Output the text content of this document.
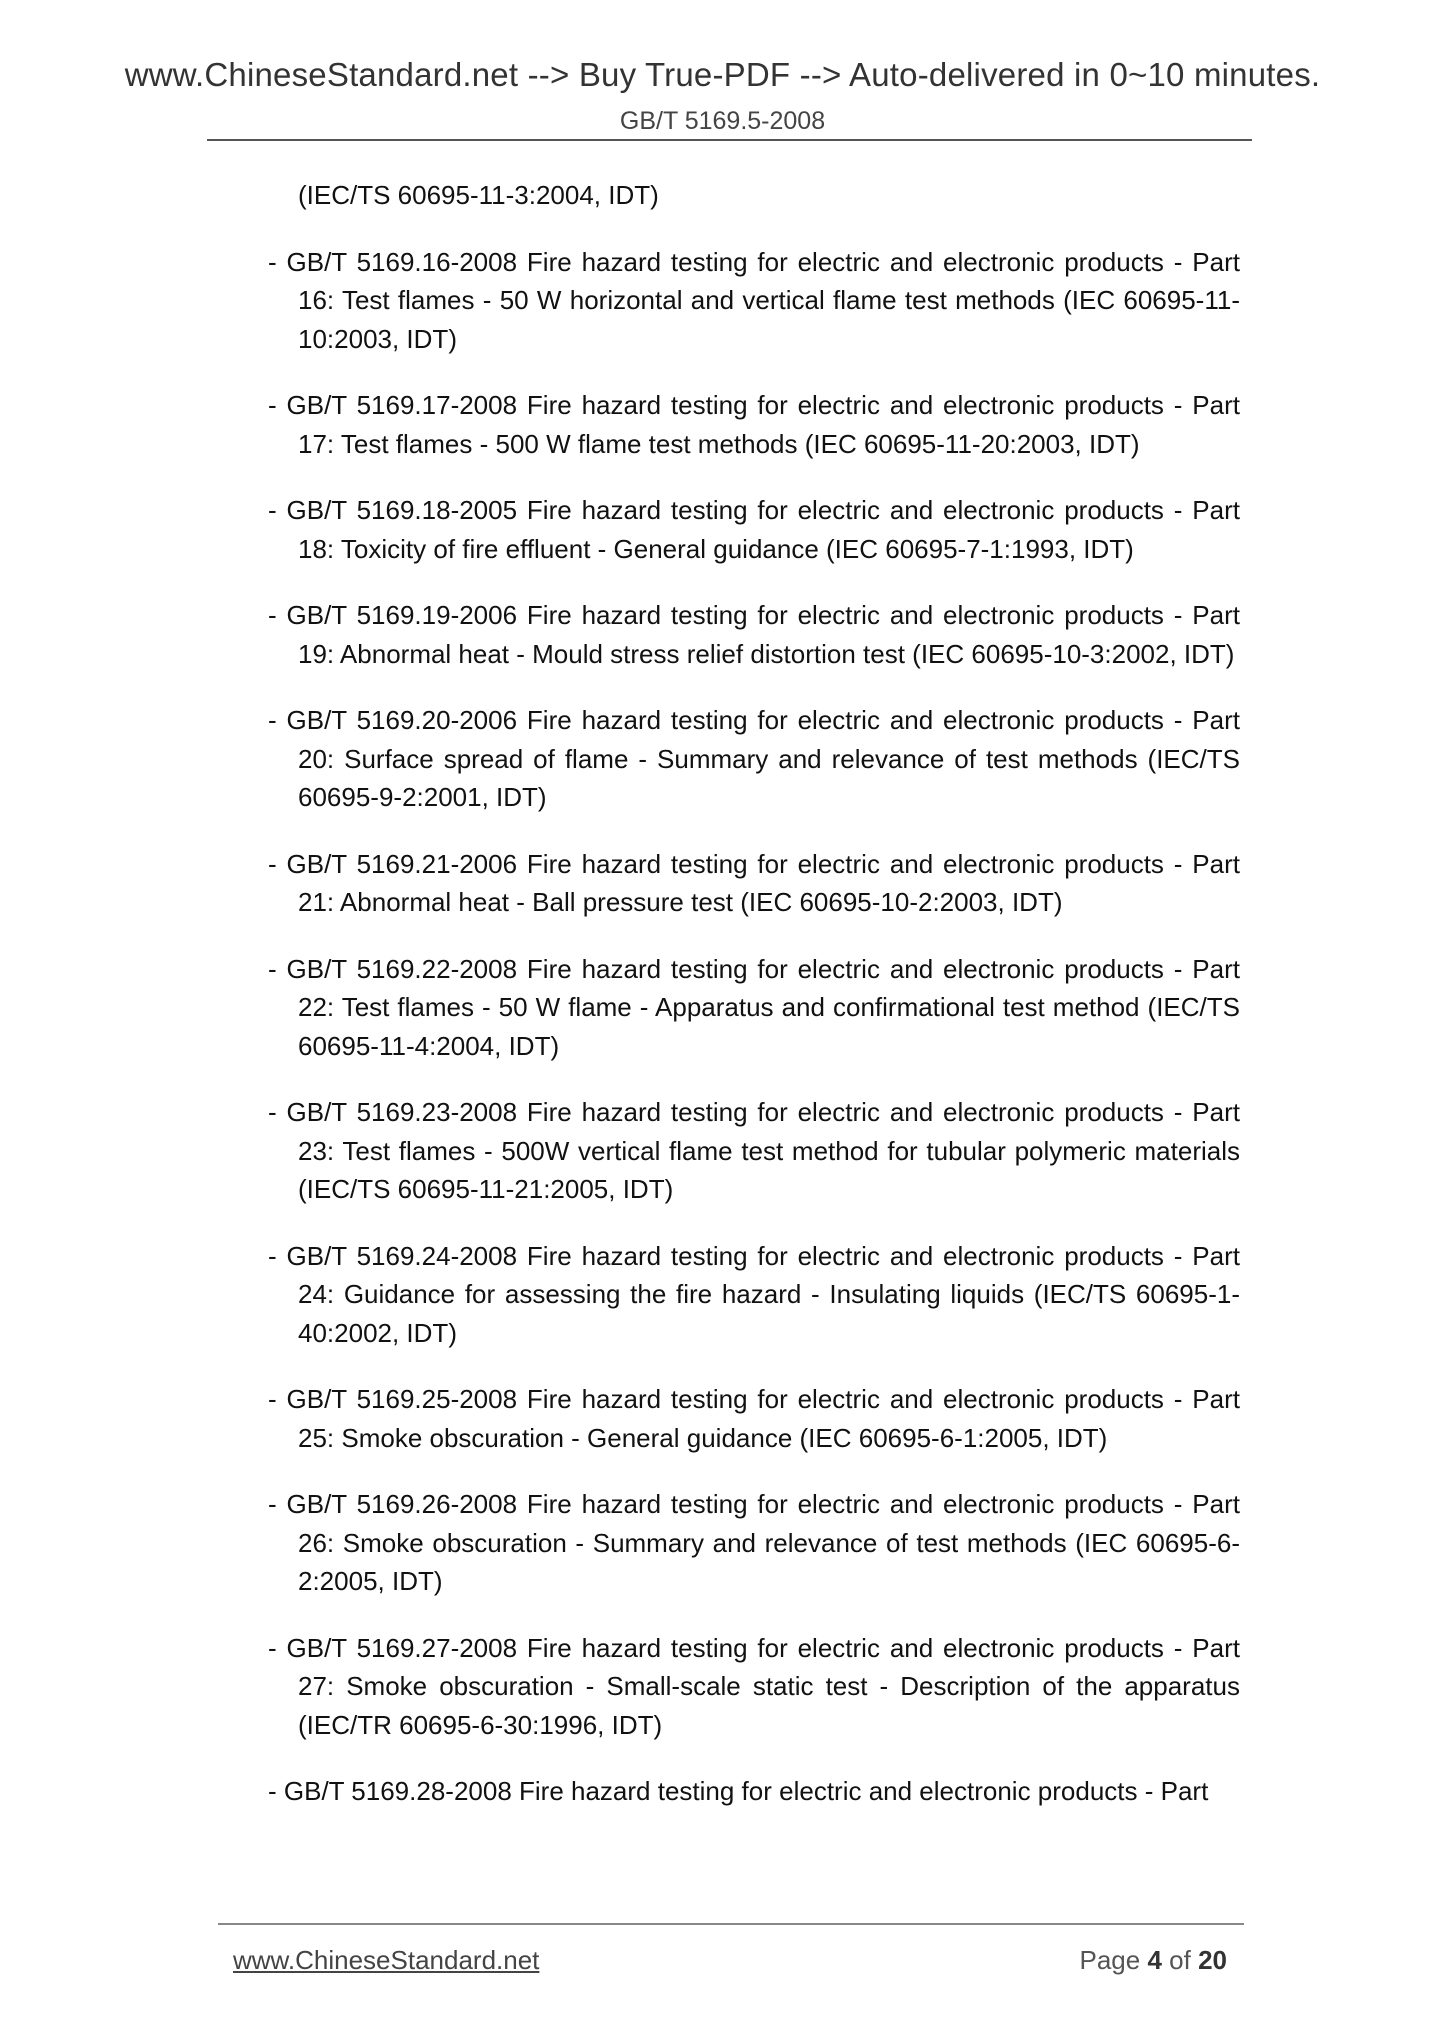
www.ChineseStandard.net --> Buy True-PDF --> Auto-delivered in 0~10 minutes.
GB/T 5169.5-2008
(IEC/TS 60695-11-3:2004, IDT)
- GB/T 5169.16-2008 Fire hazard testing for electric and electronic products - Part 16: Test flames - 50 W horizontal and vertical flame test methods (IEC 60695-11-10:2003, IDT)
- GB/T 5169.17-2008 Fire hazard testing for electric and electronic products - Part 17: Test flames - 500 W flame test methods (IEC 60695-11-20:2003, IDT)
- GB/T 5169.18-2005 Fire hazard testing for electric and electronic products - Part 18: Toxicity of fire effluent - General guidance (IEC 60695-7-1:1993, IDT)
- GB/T 5169.19-2006 Fire hazard testing for electric and electronic products - Part 19: Abnormal heat - Mould stress relief distortion test (IEC 60695-10-3:2002, IDT)
- GB/T 5169.20-2006 Fire hazard testing for electric and electronic products - Part 20: Surface spread of flame - Summary and relevance of test methods (IEC/TS 60695-9-2:2001, IDT)
- GB/T 5169.21-2006 Fire hazard testing for electric and electronic products - Part 21: Abnormal heat - Ball pressure test (IEC 60695-10-2:2003, IDT)
- GB/T 5169.22-2008 Fire hazard testing for electric and electronic products - Part 22: Test flames - 50 W flame - Apparatus and confirmational test method (IEC/TS 60695-11-4:2004, IDT)
- GB/T 5169.23-2008 Fire hazard testing for electric and electronic products - Part 23: Test flames - 500W vertical flame test method for tubular polymeric materials (IEC/TS 60695-11-21:2005, IDT)
- GB/T 5169.24-2008 Fire hazard testing for electric and electronic products - Part 24: Guidance for assessing the fire hazard - Insulating liquids (IEC/TS 60695-1-40:2002, IDT)
- GB/T 5169.25-2008 Fire hazard testing for electric and electronic products - Part 25: Smoke obscuration - General guidance (IEC 60695-6-1:2005, IDT)
- GB/T 5169.26-2008 Fire hazard testing for electric and electronic products - Part 26: Smoke obscuration - Summary and relevance of test methods (IEC 60695-6-2:2005, IDT)
- GB/T 5169.27-2008 Fire hazard testing for electric and electronic products - Part 27: Smoke obscuration - Small-scale static test - Description of the apparatus (IEC/TR 60695-6-30:1996, IDT)
- GB/T 5169.28-2008 Fire hazard testing for electric and electronic products - Part
www.ChineseStandard.net	Page 4 of 20
